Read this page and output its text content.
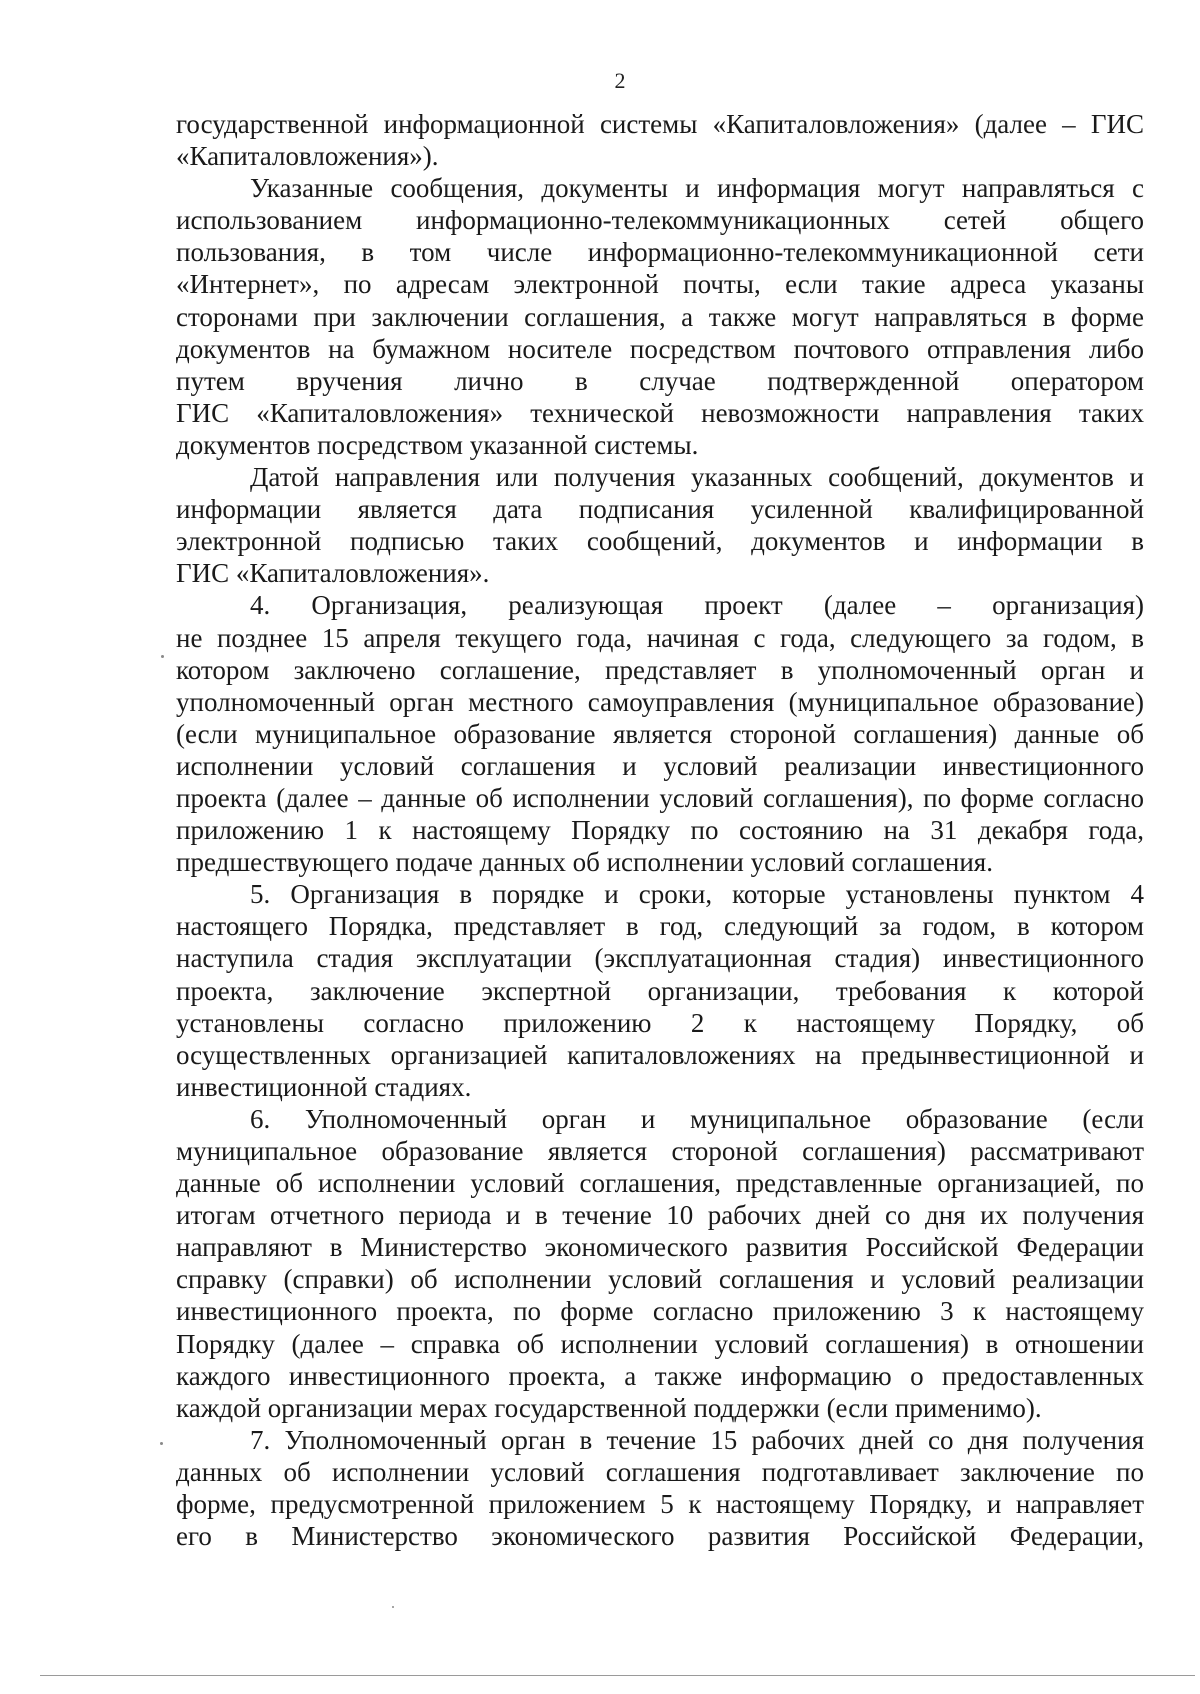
2
государственной информационной системы «Капиталовложения» (далее – ГИС
«Капиталовложения»).
Указанные сообщения, документы и информация могут направляться с
использованием информационно-телекоммуникационных сетей общего
пользования, в том числе информационно-телекоммуникационной сети
«Интернет», по адресам электронной почты, если такие адреса указаны
сторонами при заключении соглашения, а также могут направляться в форме
документов на бумажном носителе посредством почтового отправления либо
путем вручения лично в случае подтвержденной оператором
ГИС «Капиталовложения» технической невозможности направления таких
документов посредством указанной системы.
Датой направления или получения указанных сообщений, документов и
информации является дата подписания усиленной квалифицированной
электронной подписью таких сообщений, документов и информации в
ГИС «Капиталовложения».
4. Организация, реализующая проект (далее – организация)
не позднее 15 апреля текущего года, начиная с года, следующего за годом, в
котором заключено соглашение, представляет в уполномоченный орган и
уполномоченный орган местного самоуправления (муниципальное образование)
(если муниципальное образование является стороной соглашения) данные об
исполнении условий соглашения и условий реализации инвестиционного
проекта (далее – данные об исполнении условий соглашения), по форме согласно
приложению 1 к настоящему Порядку по состоянию на 31 декабря года,
предшествующего подаче данных об исполнении условий соглашения.
5. Организация в порядке и сроки, которые установлены пунктом 4
настоящего Порядка, представляет в год, следующий за годом, в котором
наступила стадия эксплуатации (эксплуатационная стадия) инвестиционного
проекта, заключение экспертной организации, требования к которой
установлены согласно приложению 2 к настоящему Порядку, об
осуществленных организацией капиталовложениях на предынвестиционной и
инвестиционной стадиях.
6. Уполномоченный орган и муниципальное образование (если
муниципальное образование является стороной соглашения) рассматривают
данные об исполнении условий соглашения, представленные организацией, по
итогам отчетного периода и в течение 10 рабочих дней со дня их получения
направляют в Министерство экономического развития Российской Федерации
справку (справки) об исполнении условий соглашения и условий реализации
инвестиционного проекта, по форме согласно приложению 3 к настоящему
Порядку (далее – справка об исполнении условий соглашения) в отношении
каждого инвестиционного проекта, а также информацию о предоставленных
каждой организации мерах государственной поддержки (если применимо).
7. Уполномоченный орган в течение 15 рабочих дней со дня получения
данных об исполнении условий соглашения подготавливает заключение по
форме, предусмотренной приложением 5 к настоящему Порядку, и направляет
его в Министерство экономического развития Российской Федерации,
